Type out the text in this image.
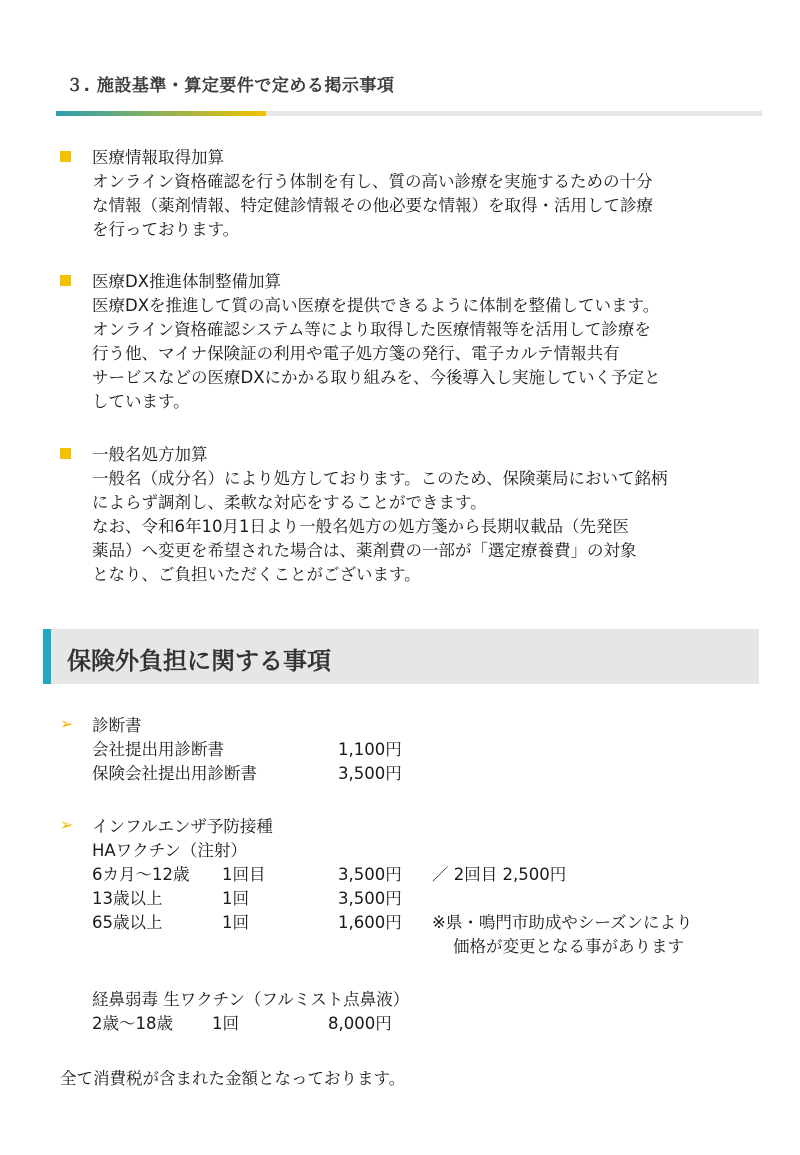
３. 施設基準・算定要件で定める掲示事項
医療情報取得加算
オンライン資格確認を行う体制を有し、質の高い診療を実施するための十分
な情報（薬剤情報、特定健診情報その他必要な情報）を取得・活用して診療
を行っております。
医療DX推進体制整備加算
医療DXを推進して質の高い医療を提供できるように体制を整備しています。
オンライン資格確認システム等により取得した医療情報等を活用して診療を
行う他、マイナ保険証の利用や電子処方箋の発行、電子カルテ情報共有
サービスなどの医療DXにかかる取り組みを、今後導入し実施していく予定と
しています。
一般名処方加算
一般名（成分名）により処方しております。このため、保険薬局において銘柄
によらず調剤し、柔軟な対応をすることができます。
なお、令和6年10月1日より一般名処方の処方箋から長期収載品（先発医
薬品）へ変更を希望された場合は、薬剤費の一部が「選定療養費」の対象
となり、ご負担いただくことがございます。
保険外負担に関する事項
➢ 診断書
会社提出用診断書	1,100円
保険会社提出用診断書	3,500円
➢ インフルエンザ予防接種
HAワクチン（注射）
6カ月～12歳 1回目	3,500円 ／ 2回目 2,500円
13歳以上	1回	3,500円
65歳以上	1回	1,600円 ※県・鳴門市助成やシーズンにより
価格が変更となる事があります
経鼻弱毒 生ワクチン（フルミスト点鼻液）
2歳～18歳 1回	8,000円
全て消費税が含まれた金額となっております。
